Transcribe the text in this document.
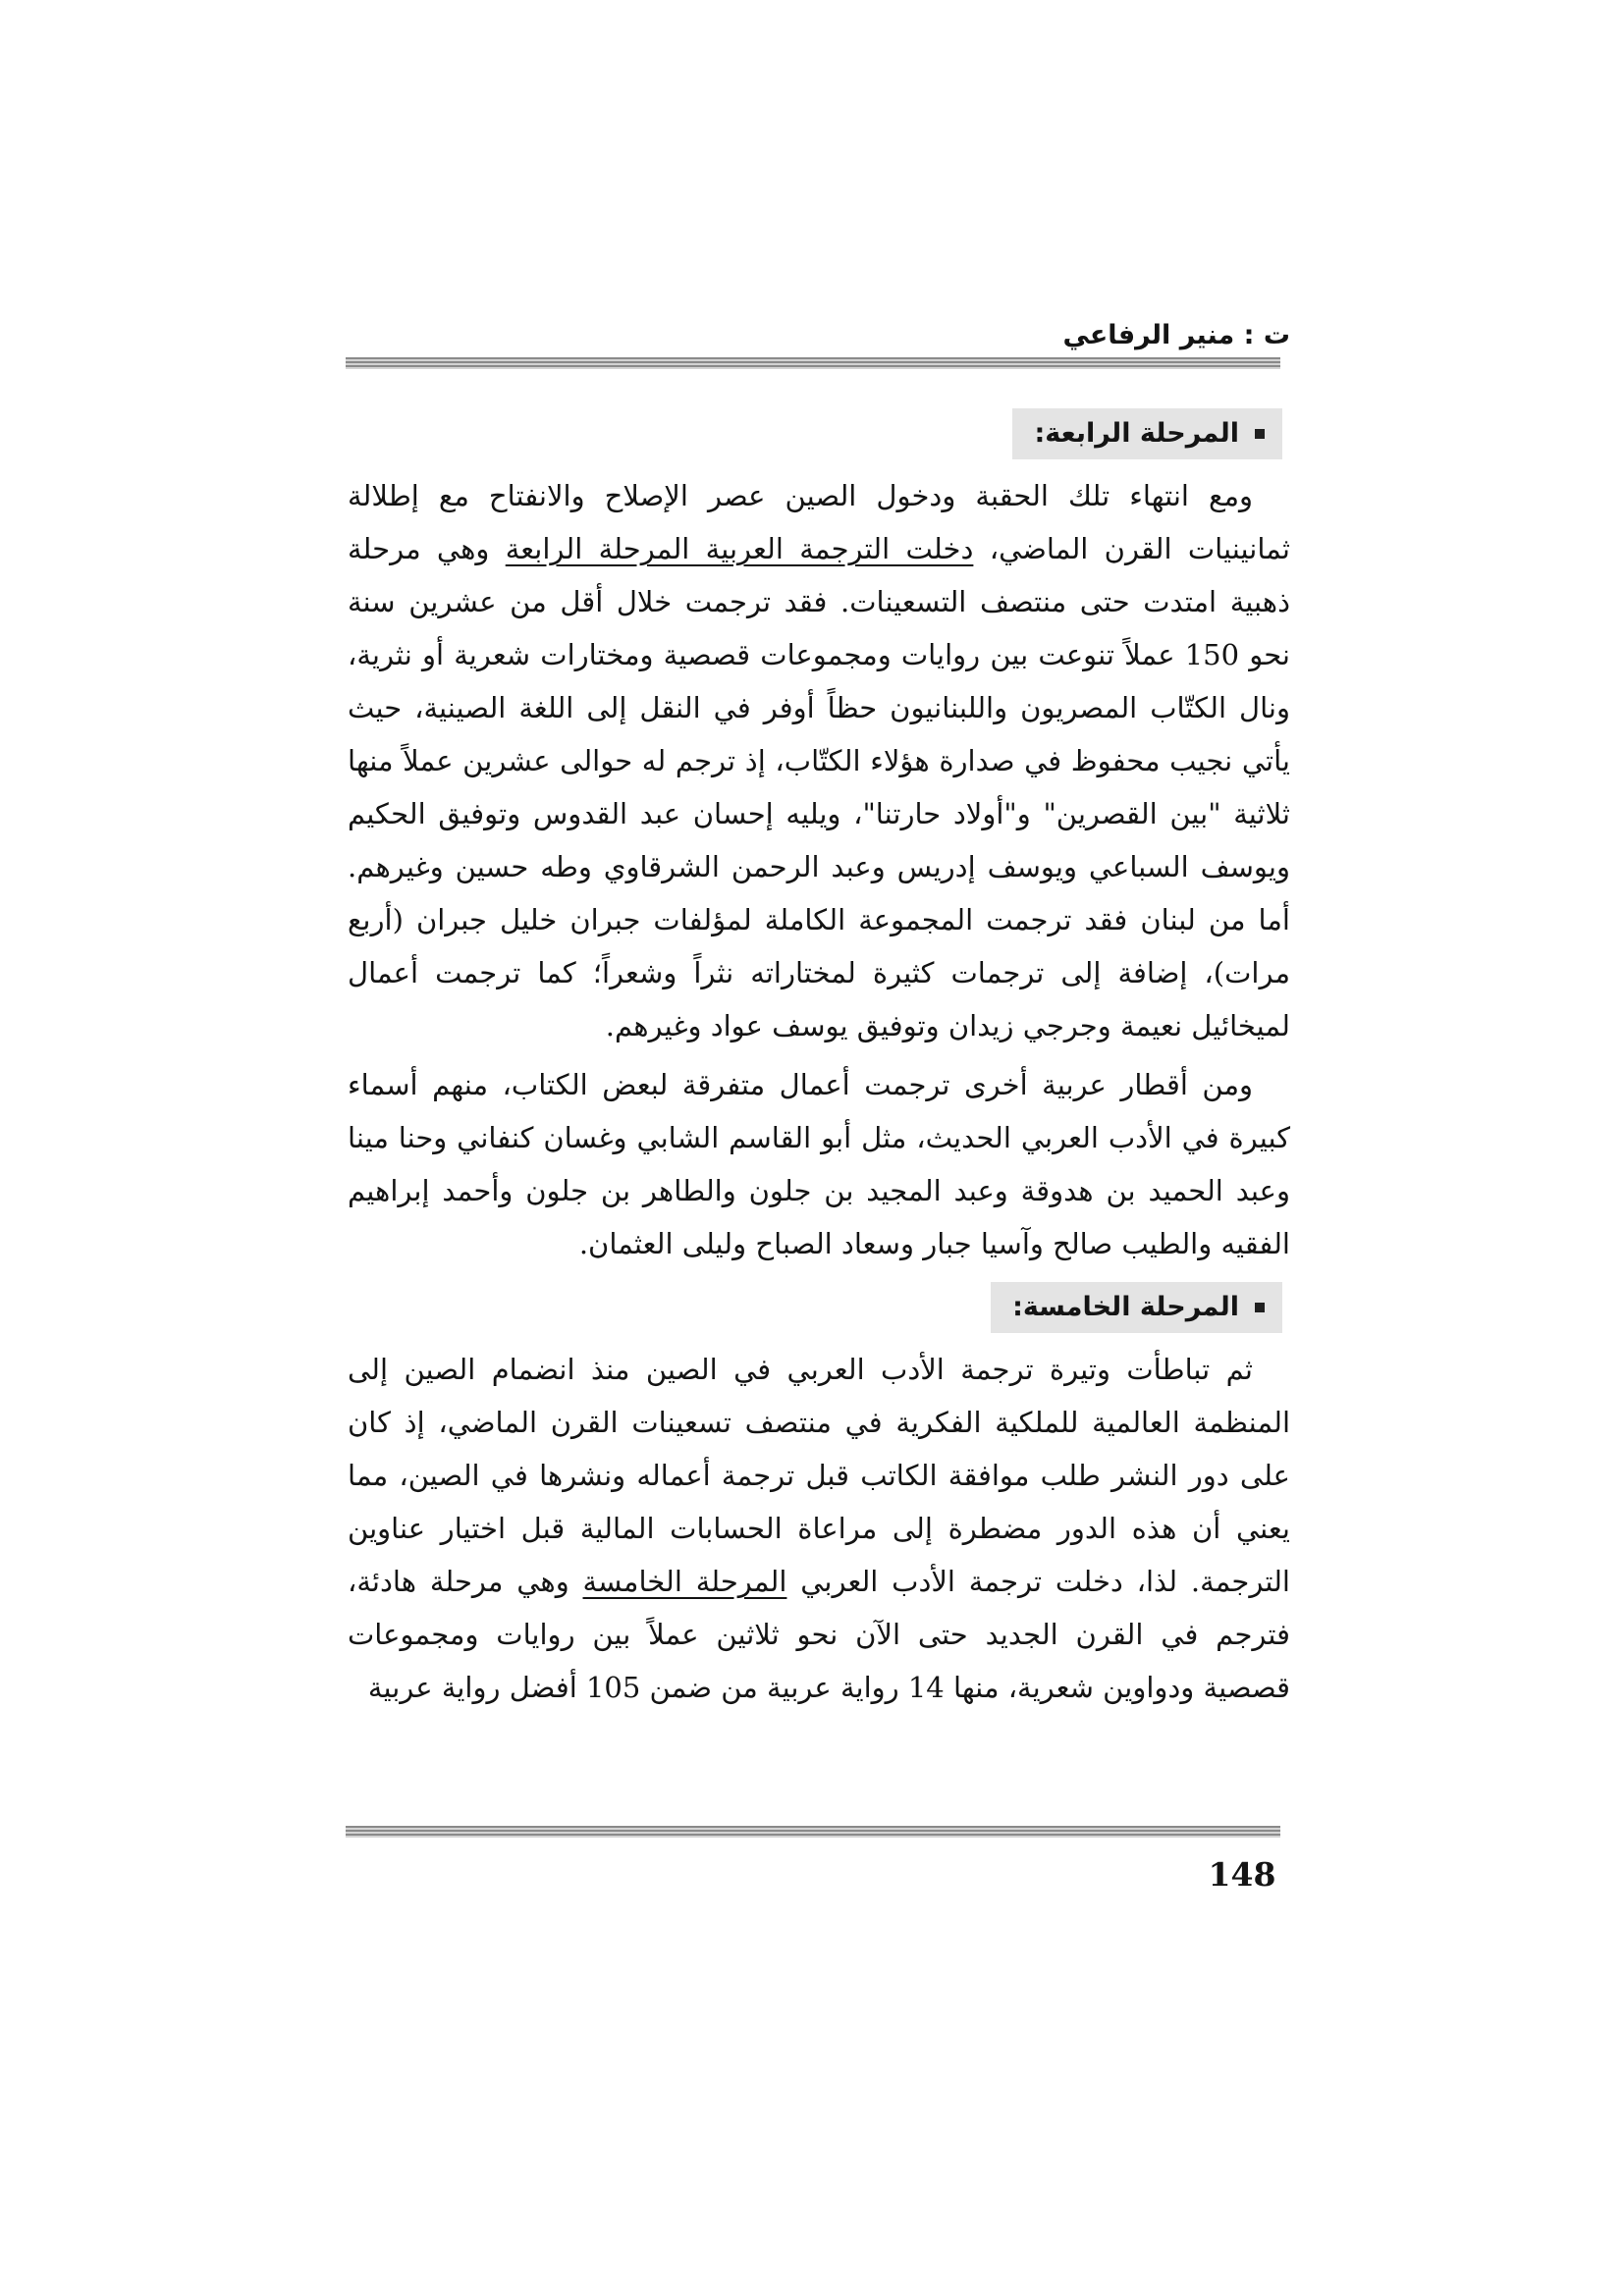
ت : منير الرفاعي
المرحلة الرابعة:

ومع انتهاء تلك الحقبة ودخول الصين عصر الإصلاح والانفتاح مع إطلالة ثمانينيات القرن الماضي، دخلت الترجمة العربية المرحلة الرابعة وهي مرحلة ذهبية امتدت حتى منتصف التسعينات. فقد ترجمت خلال أقل من عشرين سنة نحو 150 عملاً تنوعت بين روايات ومجموعات قصصية ومختارات شعرية أو نثرية، ونال الكتّاب المصريون واللبنانيون حظاً أوفر في النقل إلى اللغة الصينية، حيث يأتي نجيب محفوظ في صدارة هؤلاء الكتّاب، إذ ترجم له حوالى عشرين عملاً منها ثلاثية "بين القصرين" و"أولاد حارتنا"، ويليه إحسان عبد القدوس وتوفيق الحكيم ويوسف السباعي ويوسف إدريس وعبد الرحمن الشرقاوي وطه حسين وغيرهم. أما من لبنان فقد ترجمت المجموعة الكاملة لمؤلفات جبران خليل جبران (أربع مرات)، إضافة إلى ترجمات كثيرة لمختاراته نثراً وشعراً؛ كما ترجمت أعمال لميخائيل نعيمة وجرجي زيدان وتوفيق يوسف عواد وغيرهم.

ومن أقطار عربية أخرى ترجمت أعمال متفرقة لبعض الكتاب، منهم أسماء كبيرة في الأدب العربي الحديث، مثل أبو القاسم الشابي وغسان كنفاني وحنا مينا وعبد الحميد بن هدوقة وعبد المجيد بن جلون والطاهر بن جلون وأحمد إبراهيم الفقيه والطيب صالح وآسيا جبار وسعاد الصباح وليلى العثمان.

المرحلة الخامسة:

ثم تباطأت وتيرة ترجمة الأدب العربي في الصين منذ انضمام الصين إلى المنظمة العالمية للملكية الفكرية في منتصف تسعينات القرن الماضي، إذ كان على دور النشر طلب موافقة الكاتب قبل ترجمة أعماله ونشرها في الصين، مما يعني أن هذه الدور مضطرة إلى مراعاة الحسابات المالية قبل اختيار عناوين الترجمة. لذا، دخلت ترجمة الأدب العربي المرحلة الخامسة وهي مرحلة هادئة، فترجم في القرن الجديد حتى الآن نحو ثلاثين عملاً بين روايات ومجموعات قصصية ودواوين شعرية، منها 14 رواية عربية من ضمن 105 أفضل رواية عربية

148
